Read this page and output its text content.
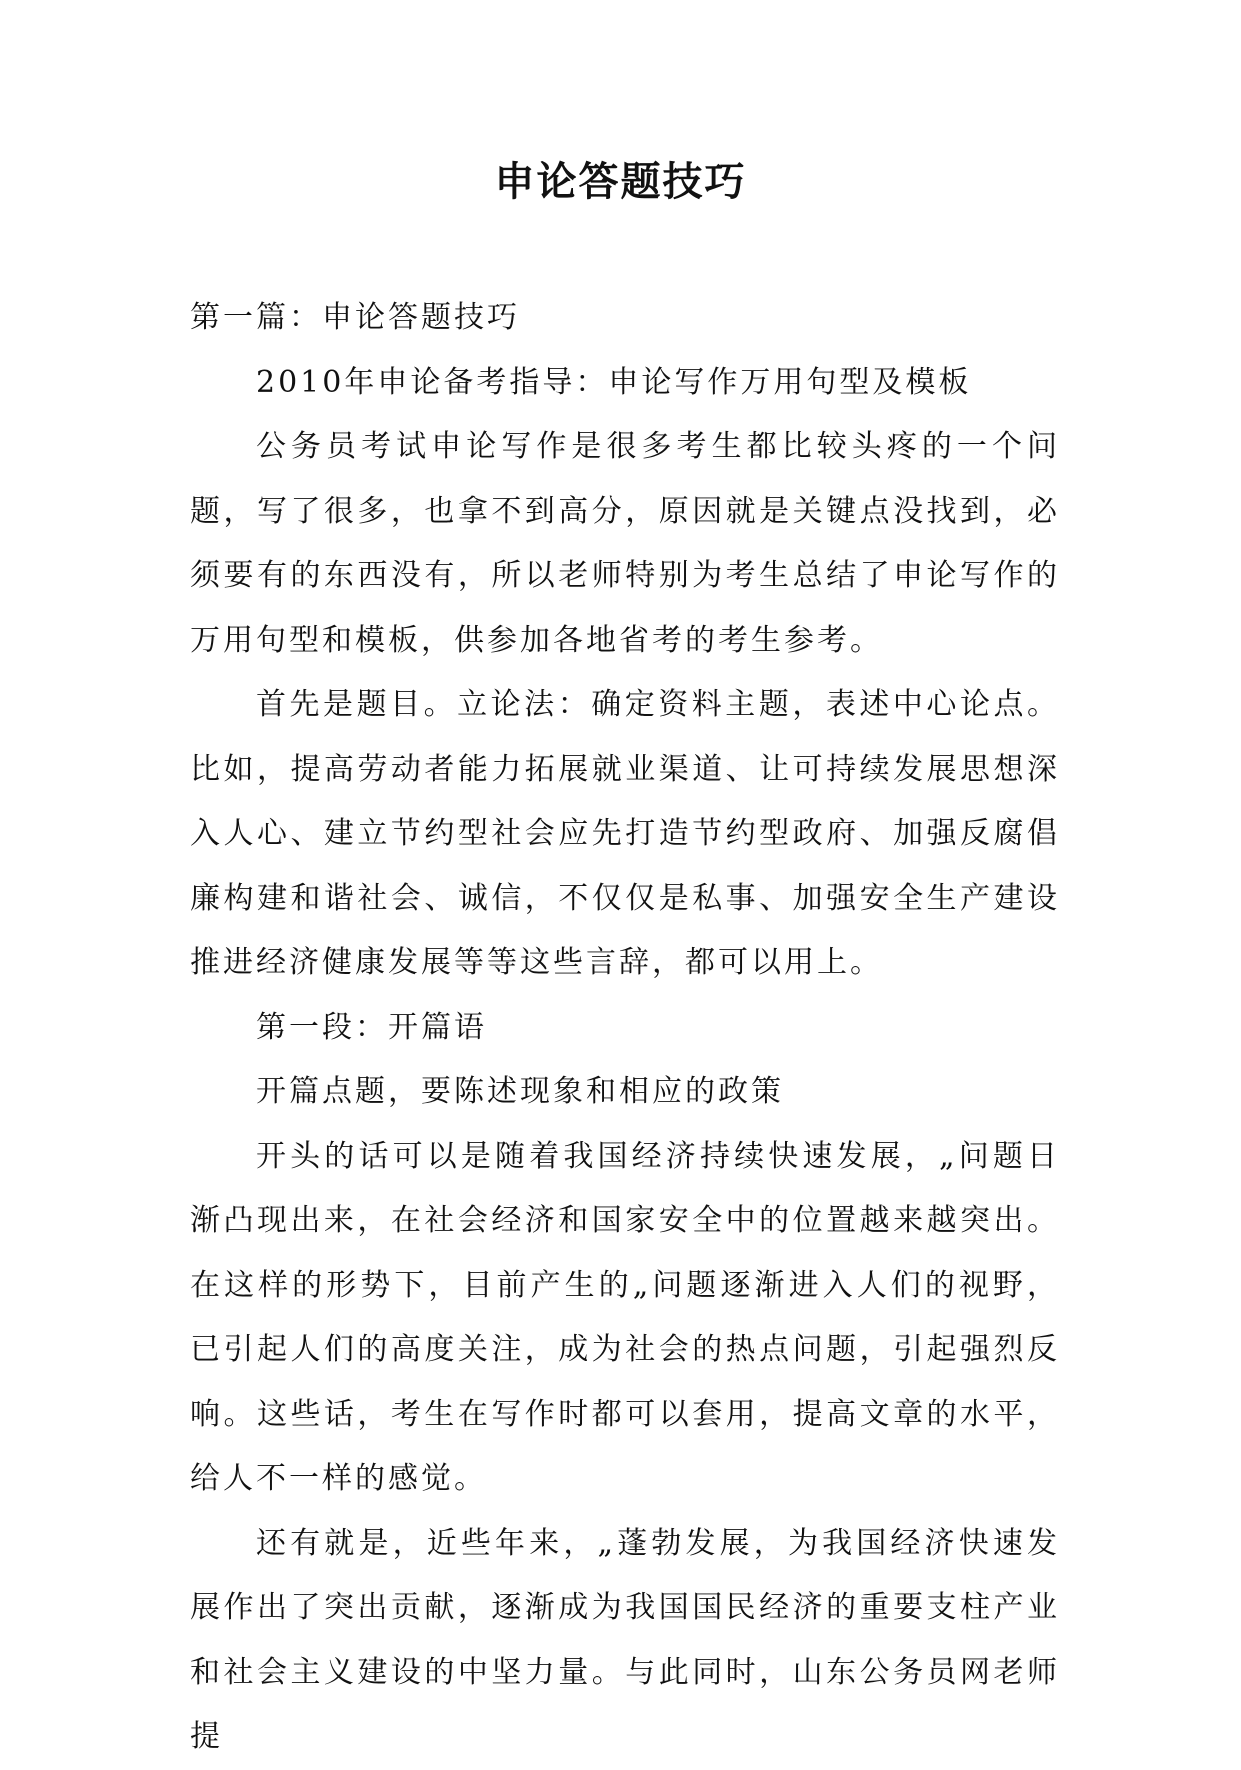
申论答题技巧

第一篇：申论答题技巧

2010年申论备考指导：申论写作万用句型及模板

公务员考试申论写作是很多考生都比较头疼的一个问题，写了很多，也拿不到高分，原因就是关键点没找到，必须要有的东西没有，所以老师特别为考生总结了申论写作的万用句型和模板，供参加各地省考的考生参考。

首先是题目。立论法：确定资料主题，表述中心论点。比如，提高劳动者能力拓展就业渠道、让可持续发展思想深入人心、建立节约型社会应先打造节约型政府、加强反腐倡廉构建和谐社会、诚信，不仅仅是私事、加强安全生产建设推进经济健康发展等等这些言辞，都可以用上。

第一段：开篇语

开篇点题，要陈述现象和相应的政策

开头的话可以是随着我国经济持续快速发展，„问题日渐凸现出来，在社会经济和国家安全中的位置越来越突出。在这样的形势下，目前产生的„问题逐渐进入人们的视野，已引起人们的高度关注，成为社会的热点问题，引起强烈反响。这些话，考生在写作时都可以套用，提高文章的水平，给人不一样的感觉。

还有就是，近些年来，„蓬勃发展，为我国经济快速发展作出了突出贡献，逐渐成为我国国民经济的重要支柱产业和社会主义建设的中坚力量。与此同时，山东公务员网老师提
